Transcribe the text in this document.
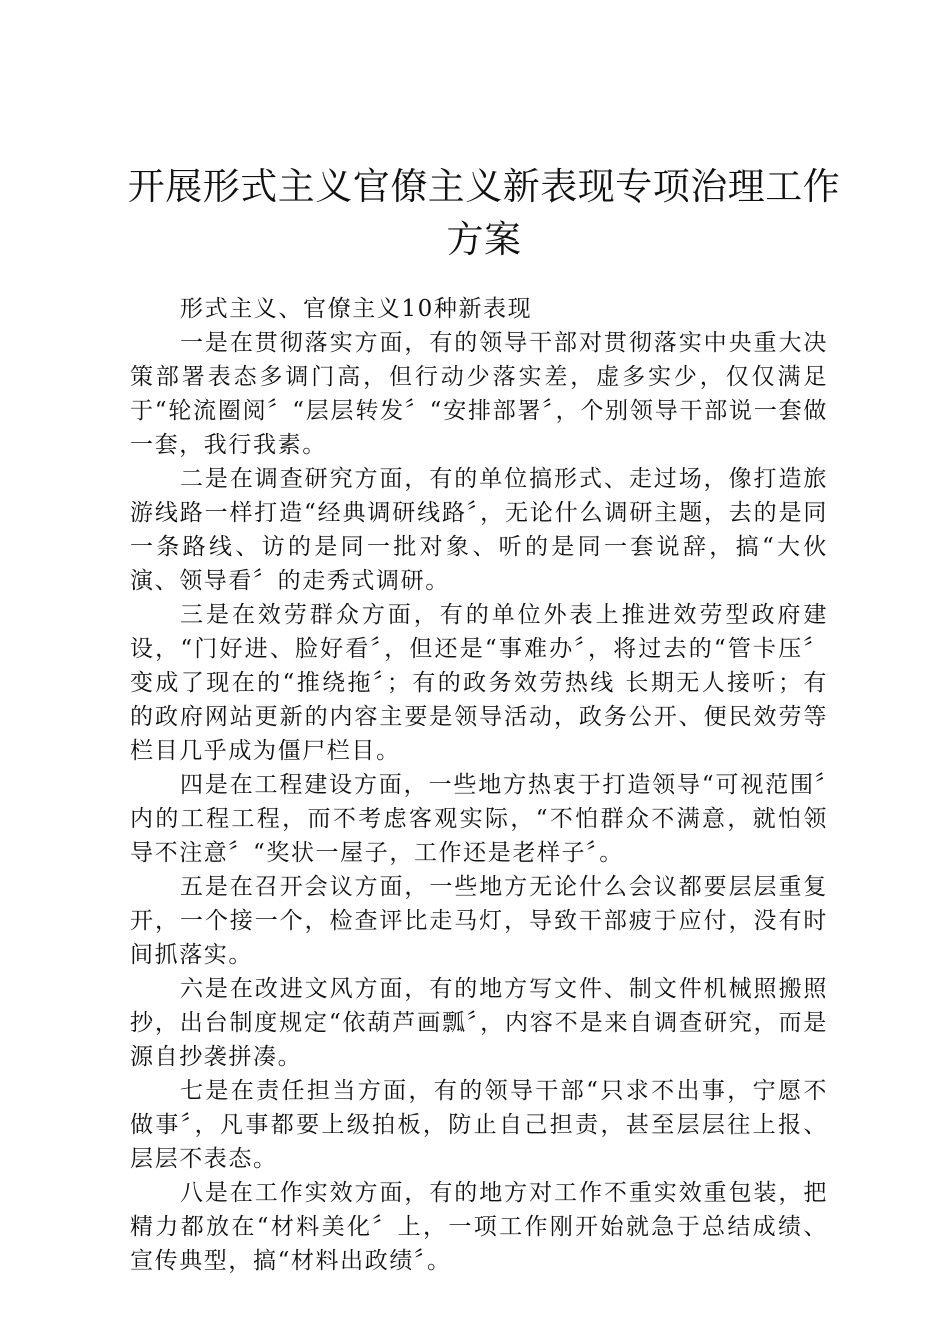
开展形式主义官僚主义新表现专项治理工作方案

形式主义、官僚主义10种新表现

一是在贯彻落实方面，有的领导干部对贯彻落实中央重大决策部署表态多调门高，但行动少落实差，虚多实少，仅仅满足于“轮流圈阅〞“层层转发〞“安排部署〞，个别领导干部说一套做一套，我行我素。

二是在调查研究方面，有的单位搞形式、走过场，像打造旅游线路一样打造“经典调研线路〞，无论什么调研主题，去的是同一条路线、访的是同一批对象、听的是同一套说辞，搞“大伙演、领导看〞的走秀式调研。

三是在效劳群众方面，有的单位外表上推进效劳型政府建设，“门好进、脸好看〞，但还是“事难办〞，将过去的“管卡压〞变成了现在的“推绕拖〞；有的政务效劳热线 长期无人接听；有的政府网站更新的内容主要是领导活动，政务公开、便民效劳等栏目几乎成为僵尸栏目。

四是在工程建设方面，一些地方热衷于打造领导“可视范围〞内的工程工程，而不考虑客观实际，“不怕群众不满意，就怕领导不注意〞“奖状一屋子，工作还是老样子〞。

五是在召开会议方面，一些地方无论什么会议都要层层重复开，一个接一个，检查评比走马灯，导致干部疲于应付，没有时间抓落实。

六是在改进文风方面，有的地方写文件、制文件机械照搬照抄，出台制度规定“依葫芦画瓢〞，内容不是来自调查研究，而是源自抄袭拼凑。

七是在责任担当方面，有的领导干部“只求不出事，宁愿不做事〞，凡事都要上级拍板，防止自己担责，甚至层层往上报、层层不表态。

八是在工作实效方面，有的地方对工作不重实效重包装，把精力都放在“材料美化〞上，一项工作刚开始就急于总结成绩、宣传典型，搞“材料出政绩〞。
